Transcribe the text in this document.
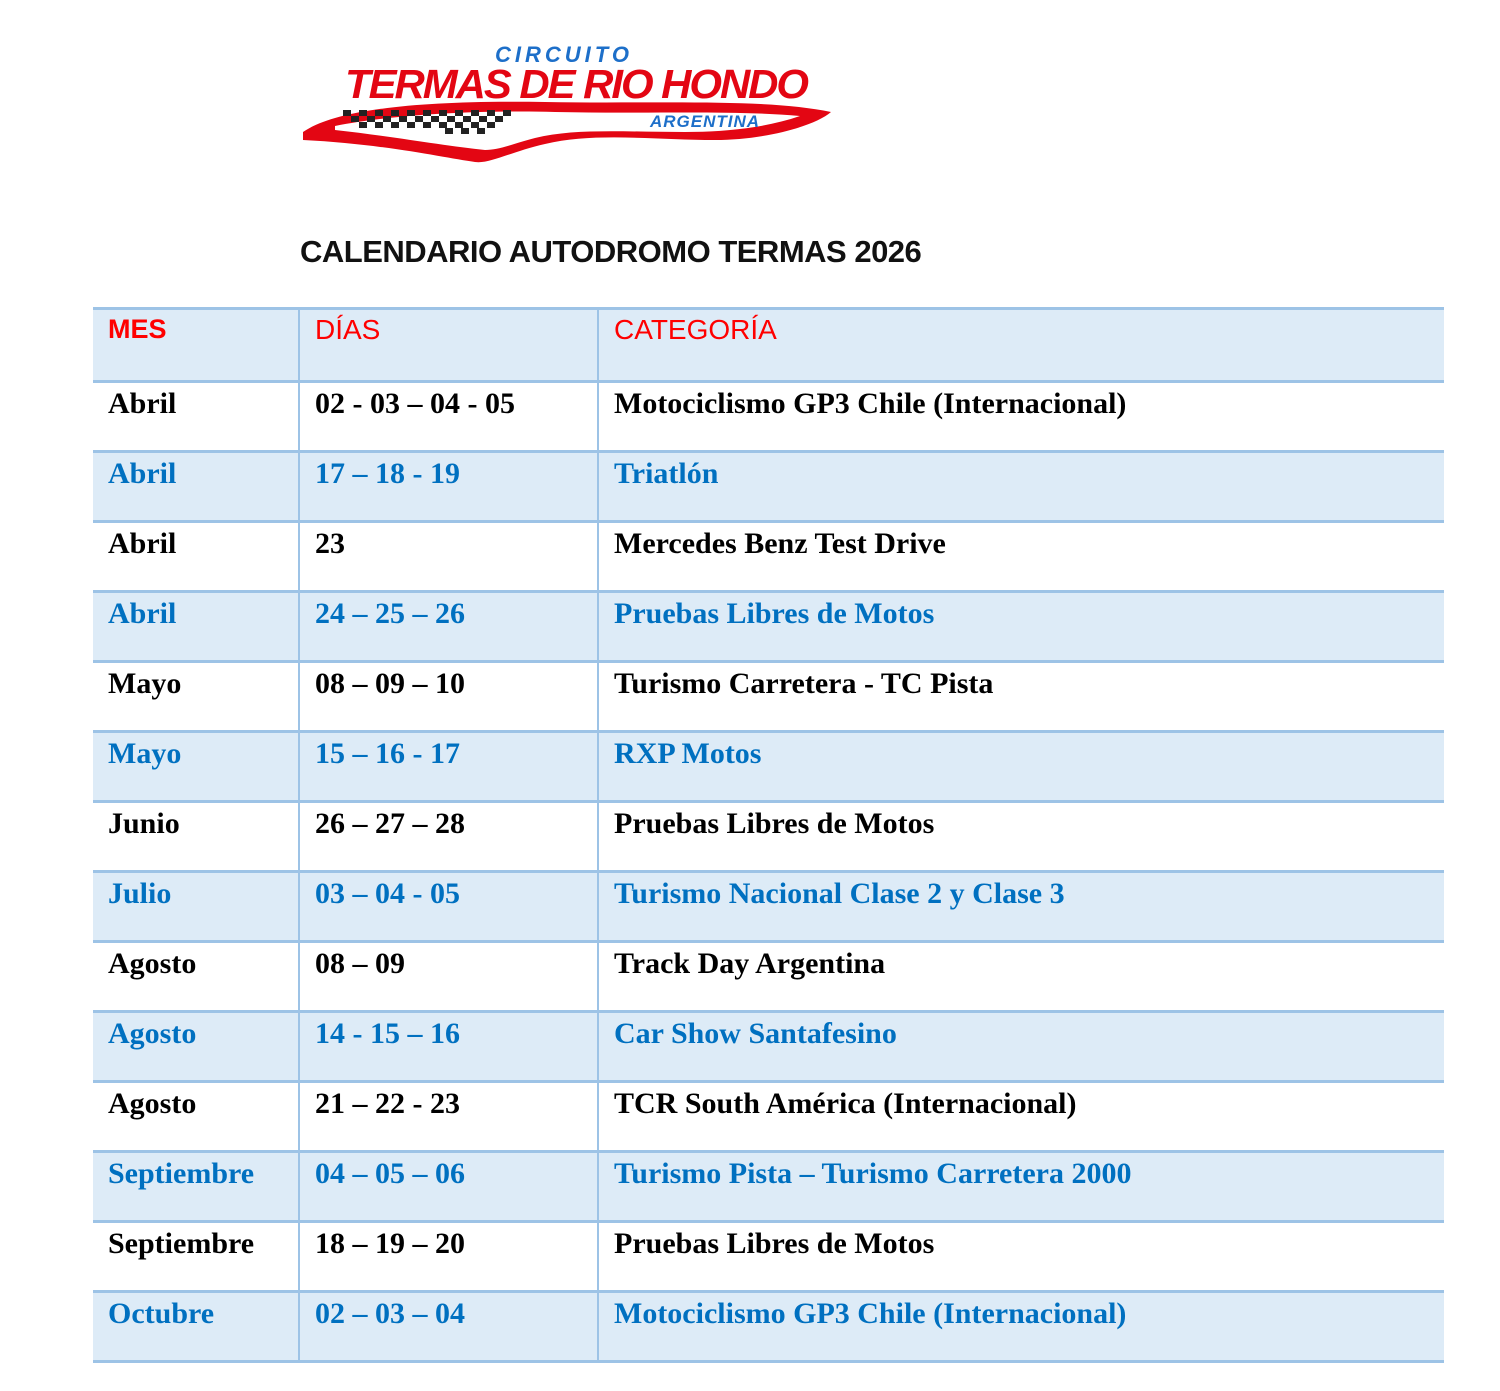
CIRCUITO
TERMAS DE RIO HONDO
ARGENTINA
CALENDARIO AUTODROMO TERMAS 2026
MES	DÍAS	CATEGORÍA
Abril	02 - 03 – 04 - 05	Motociclismo GP3 Chile (Internacional)
Abril	17 – 18 - 19	Triatlón
Abril	23	Mercedes Benz Test Drive
Abril	24 – 25 – 26	Pruebas Libres de Motos
Mayo	08 – 09 – 10	Turismo Carretera - TC Pista
Mayo	15 – 16 - 17	RXP Motos
Junio	26 – 27 – 28	Pruebas Libres de Motos
Julio	03 – 04 - 05	Turismo Nacional Clase 2 y Clase 3
Agosto	08 – 09	Track Day Argentina
Agosto	14 - 15 – 16	Car Show Santafesino
Agosto	21 – 22 - 23	TCR South América (Internacional)
Septiembre	04 – 05 – 06	Turismo Pista – Turismo Carretera 2000
Septiembre	18 – 19 – 20	Pruebas Libres de Motos
Octubre	02 – 03 – 04	Motociclismo GP3 Chile (Internacional)
